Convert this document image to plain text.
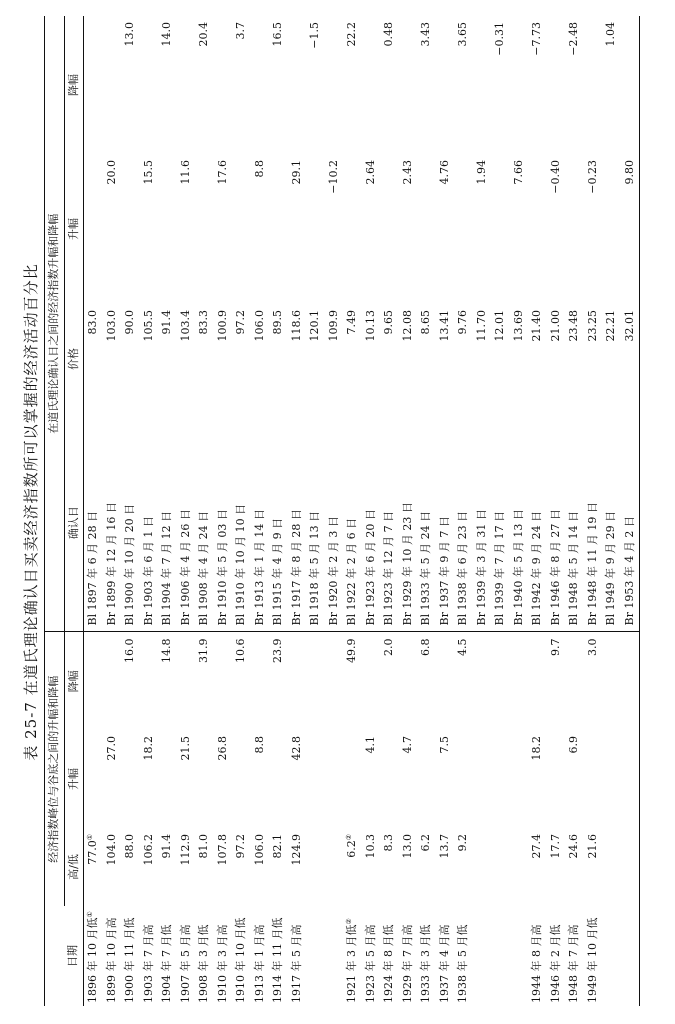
表 25-7 在道氏理论确认日买卖经济指数所可以掌握的经济活动百分比
	经济指数峰位与谷底之间的升幅和降幅			在道氏理论确认日之间的经济指数升幅和降幅			
日期	高/低	升幅	降幅	确认日	价格	升幅	降幅
1896 年 10 月低①	77.0①			Bl 1897 年 6 月 28 日	83.0		
1899 年 10 月高	104.0	27.0		Br 1899 年 12 月 16 日	103.0	20.0	
1900 年 11 月低	88.0		16.0	Bl 1900 年 10 月 20 日	90.0		13.0
1903 年 7 月高	106.2	18.2		Br 1903 年 6 月 1 日	105.5	15.5	
1904 年 7 月低	91.4		14.8	Bl 1904 年 7 月 12 日	91.4		14.0
1907 年 5 月高	112.9	21.5		Br 1906 年 4 月 26 日	103.4	11.6	
1908 年 3 月低	81.0		31.9	Bl 1908 年 4 月 24 日	83.3		20.4
1910 年 3 月高	107.8	26.8		Br 1910 年 5 月 03 日	100.9	17.6	
1910 年 10 月低	97.2		10.6	Bl 1910 年 10 月 10 日	97.2		3.7
1913 年 1 月高	106.0	8.8		Br 1913 年 1 月 14 日	106.0	8.8	
1914 年 11 月低	82.1		23.9	Bl 1915 年 4 月 9 日	89.5		16.5
1917 年 5 月高	124.9	42.8		Br 1917 年 8 月 28 日	118.6	29.1	
				Bl 1918 年 5 月 13 日	120.1		−1.5
				Br 1920 年 2 月 3 日	109.9	−10.2	
1921 年 3 月低②	6.2②		49.9	Bl 1922 年 2 月 6 日	7.49		22.2
1923 年 5 月高	10.3	4.1		Br 1923 年 6 月 20 日	10.13	2.64	
1924 年 8 月低	8.3		2.0	Bl 1923 年 12 月 7 日	9.65		0.48
1929 年 7 月高	13.0	4.7		Br 1929 年 10 月 23 日	12.08	2.43	
1933 年 3 月低	6.2		6.8	Bl 1933 年 5 月 24 日	8.65		3.43
1937 年 4 月高	13.7	7.5		Br 1937 年 9 月 7 日	13.41	4.76	
1938 年 5 月低	9.2		4.5	Bl 1938 年 6 月 23 日	9.76		3.65
				Br 1939 年 3 月 31 日	11.70	1.94	
				Bl 1939 年 7 月 17 日	12.01		−0.31
				Br 1940 年 5 月 13 日	13.69	7.66	
1944 年 8 月高	27.4	18.2		Bl 1942 年 9 月 24 日	21.40		−7.73
1946 年 2 月低	17.7		9.7	Br 1946 年 8 月 27 日	21.00	−0.40	
1948 年 7 月高	24.6	6.9		Bl 1948 年 5 月 14 日	23.48		−2.48
1949 年 10 月低	21.6		3.0	Br 1948 年 11 月 19 日	23.25	−0.23	
				Bl 1949 年 9 月 29 日	22.21		1.04
				Br 1953 年 4 月 2 日	32.01	9.80	
